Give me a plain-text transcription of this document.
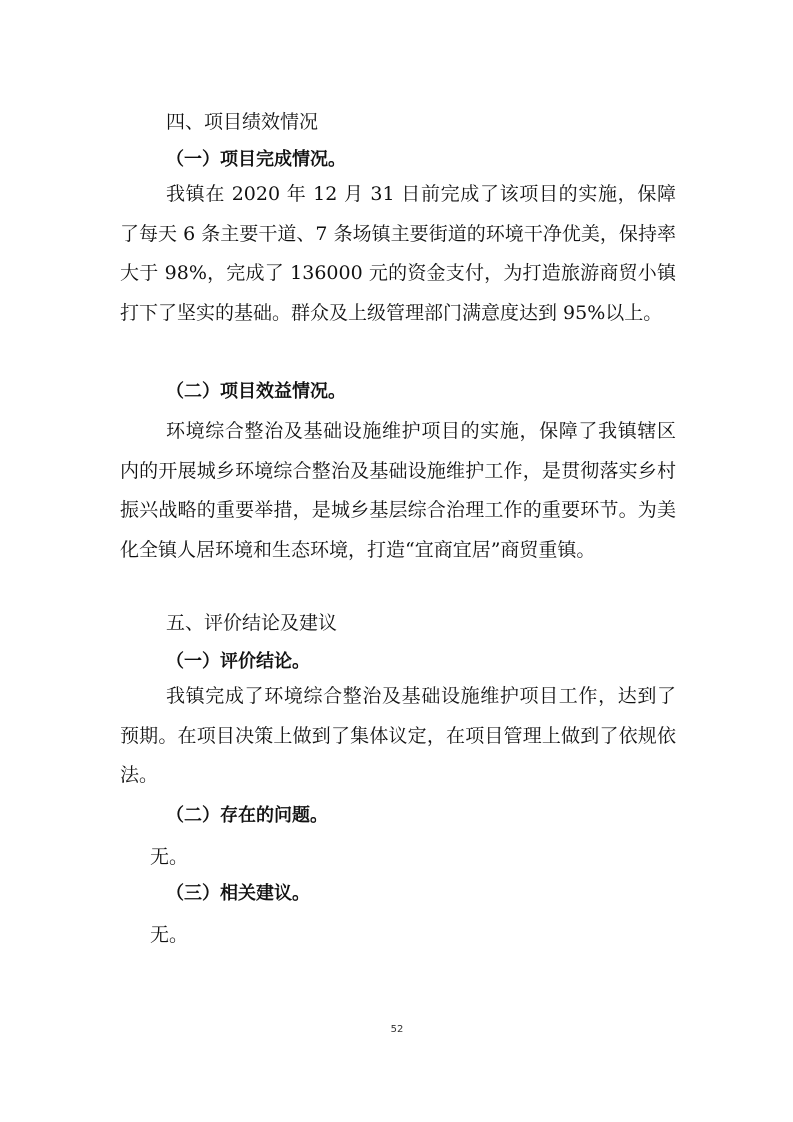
四、项目绩效情况
（一）项目完成情况。

我镇在 2020 年 12 月 31 日前完成了该项目的实施，保障了每天 6 条主要干道、7 条场镇主要街道的环境干净优美，保持率大于 98%，完成了 136000 元的资金支付，为打造旅游商贸小镇打下了坚实的基础。群众及上级管理部门满意度达到 95%以上。

（二）项目效益情况。

环境综合整治及基础设施维护项目的实施，保障了我镇辖区内的开展城乡环境综合整治及基础设施维护工作，是贯彻落实乡村振兴战略的重要举措，是城乡基层综合治理工作的重要环节。为美化全镇人居环境和生态环境，打造“宜商宜居”商贸重镇。

五、评价结论及建议
（一）评价结论。

我镇完成了环境综合整治及基础设施维护项目工作，达到了预期。在项目决策上做到了集体议定，在项目管理上做到了依规依法。

（二）存在的问题。
无。
（三）相关建议。
无。
52
